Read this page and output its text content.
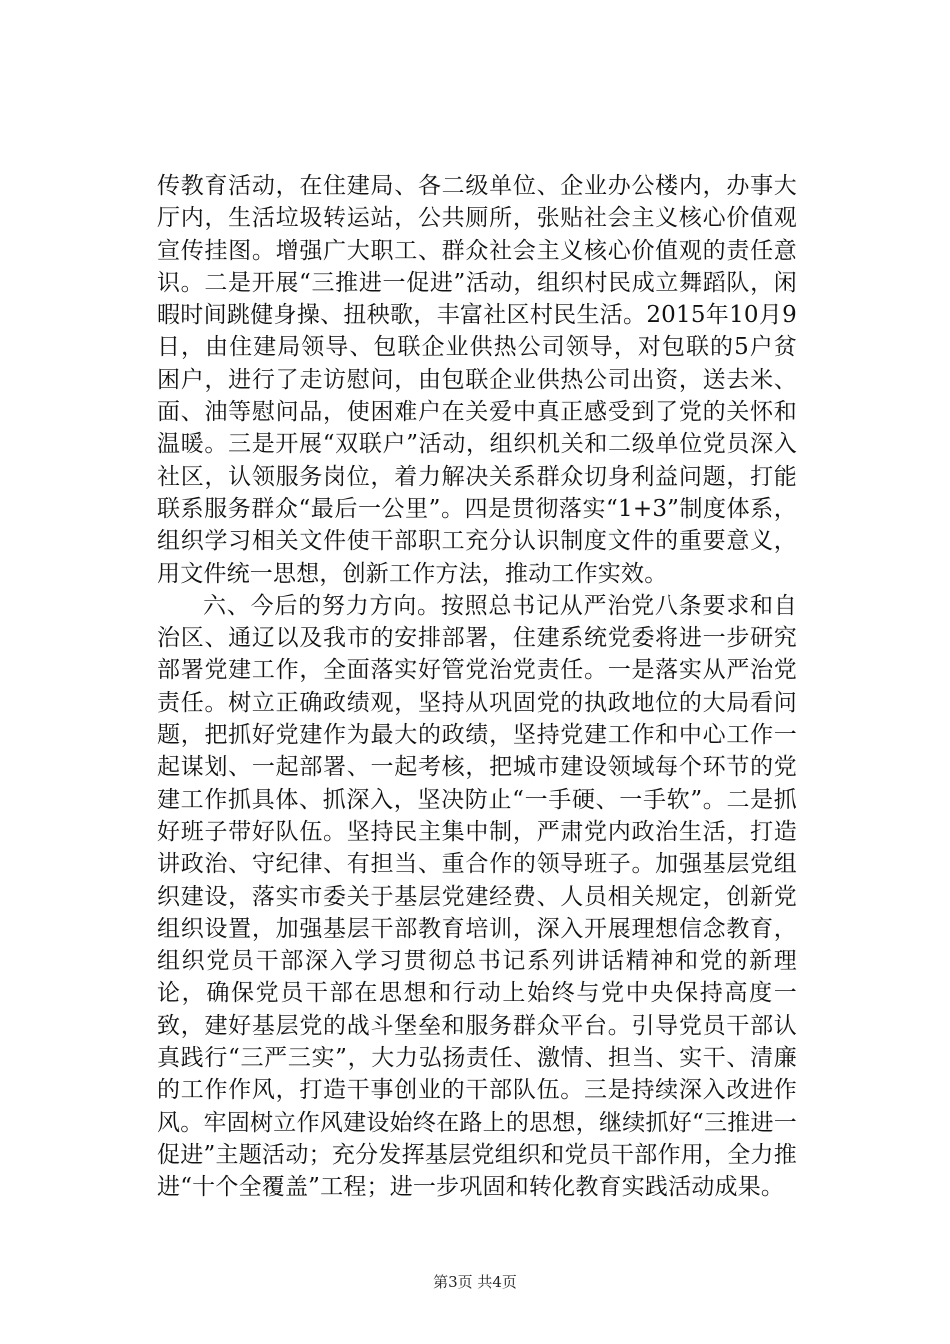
传教育活动，在住建局、各二级单位、企业办公楼内，办事大厅内，生活垃圾转运站，公共厕所，张贴社会主义核心价值观宣传挂图。增强广大职工、群众社会主义核心价值观的责任意识。二是开展“三推进一促进”活动，组织村民成立舞蹈队，闲暇时间跳健身操、扭秧歌，丰富社区村民生活。2015年10月9日，由住建局领导、包联企业供热公司领导，对包联的5户贫困户，进行了走访慰问，由包联企业供热公司出资，送去米、面、油等慰问品，使困难户在关爱中真正感受到了党的关怀和温暖。三是开展“双联户”活动，组织机关和二级单位党员深入社区，认领服务岗位，着力解决关系群众切身利益问题，打能联系服务群众“最后一公里”。四是贯彻落实“1+3”制度体系，组织学习相关文件使干部职工充分认识制度文件的重要意义，用文件统一思想，创新工作方法，推动工作实效。

六、今后的努力方向。按照总书记从严治党八条要求和自治区、通辽以及我市的安排部署，住建系统党委将进一步研究部署党建工作，全面落实好管党治党责任。一是落实从严治党责任。树立正确政绩观，坚持从巩固党的执政地位的大局看问题，把抓好党建作为最大的政绩，坚持党建工作和中心工作一起谋划、一起部署、一起考核，把城市建设领域每个环节的党建工作抓具体、抓深入，坚决防止“一手硬、一手软”。二是抓好班子带好队伍。坚持民主集中制，严肃党内政治生活，打造讲政治、守纪律、有担当、重合作的领导班子。加强基层党组织建设，落实市委关于基层党建经费、人员相关规定，创新党组织设置，加强基层干部教育培训，深入开展理想信念教育，组织党员干部深入学习贯彻总书记系列讲话精神和党的新理论，确保党员干部在思想和行动上始终与党中央保持高度一致，建好基层党的战斗堡垒和服务群众平台。引导党员干部认真践行“三严三实”，大力弘扬责任、激情、担当、实干、清廉的工作作风，打造干事创业的干部队伍。三是持续深入改进作风。牢固树立作风建设始终在路上的思想，继续抓好“三推进一促进”主题活动；充分发挥基层党组织和党员干部作用，全力推进“十个全覆盖”工程；进一步巩固和转化教育实践活动成果。

第3页 共4页
